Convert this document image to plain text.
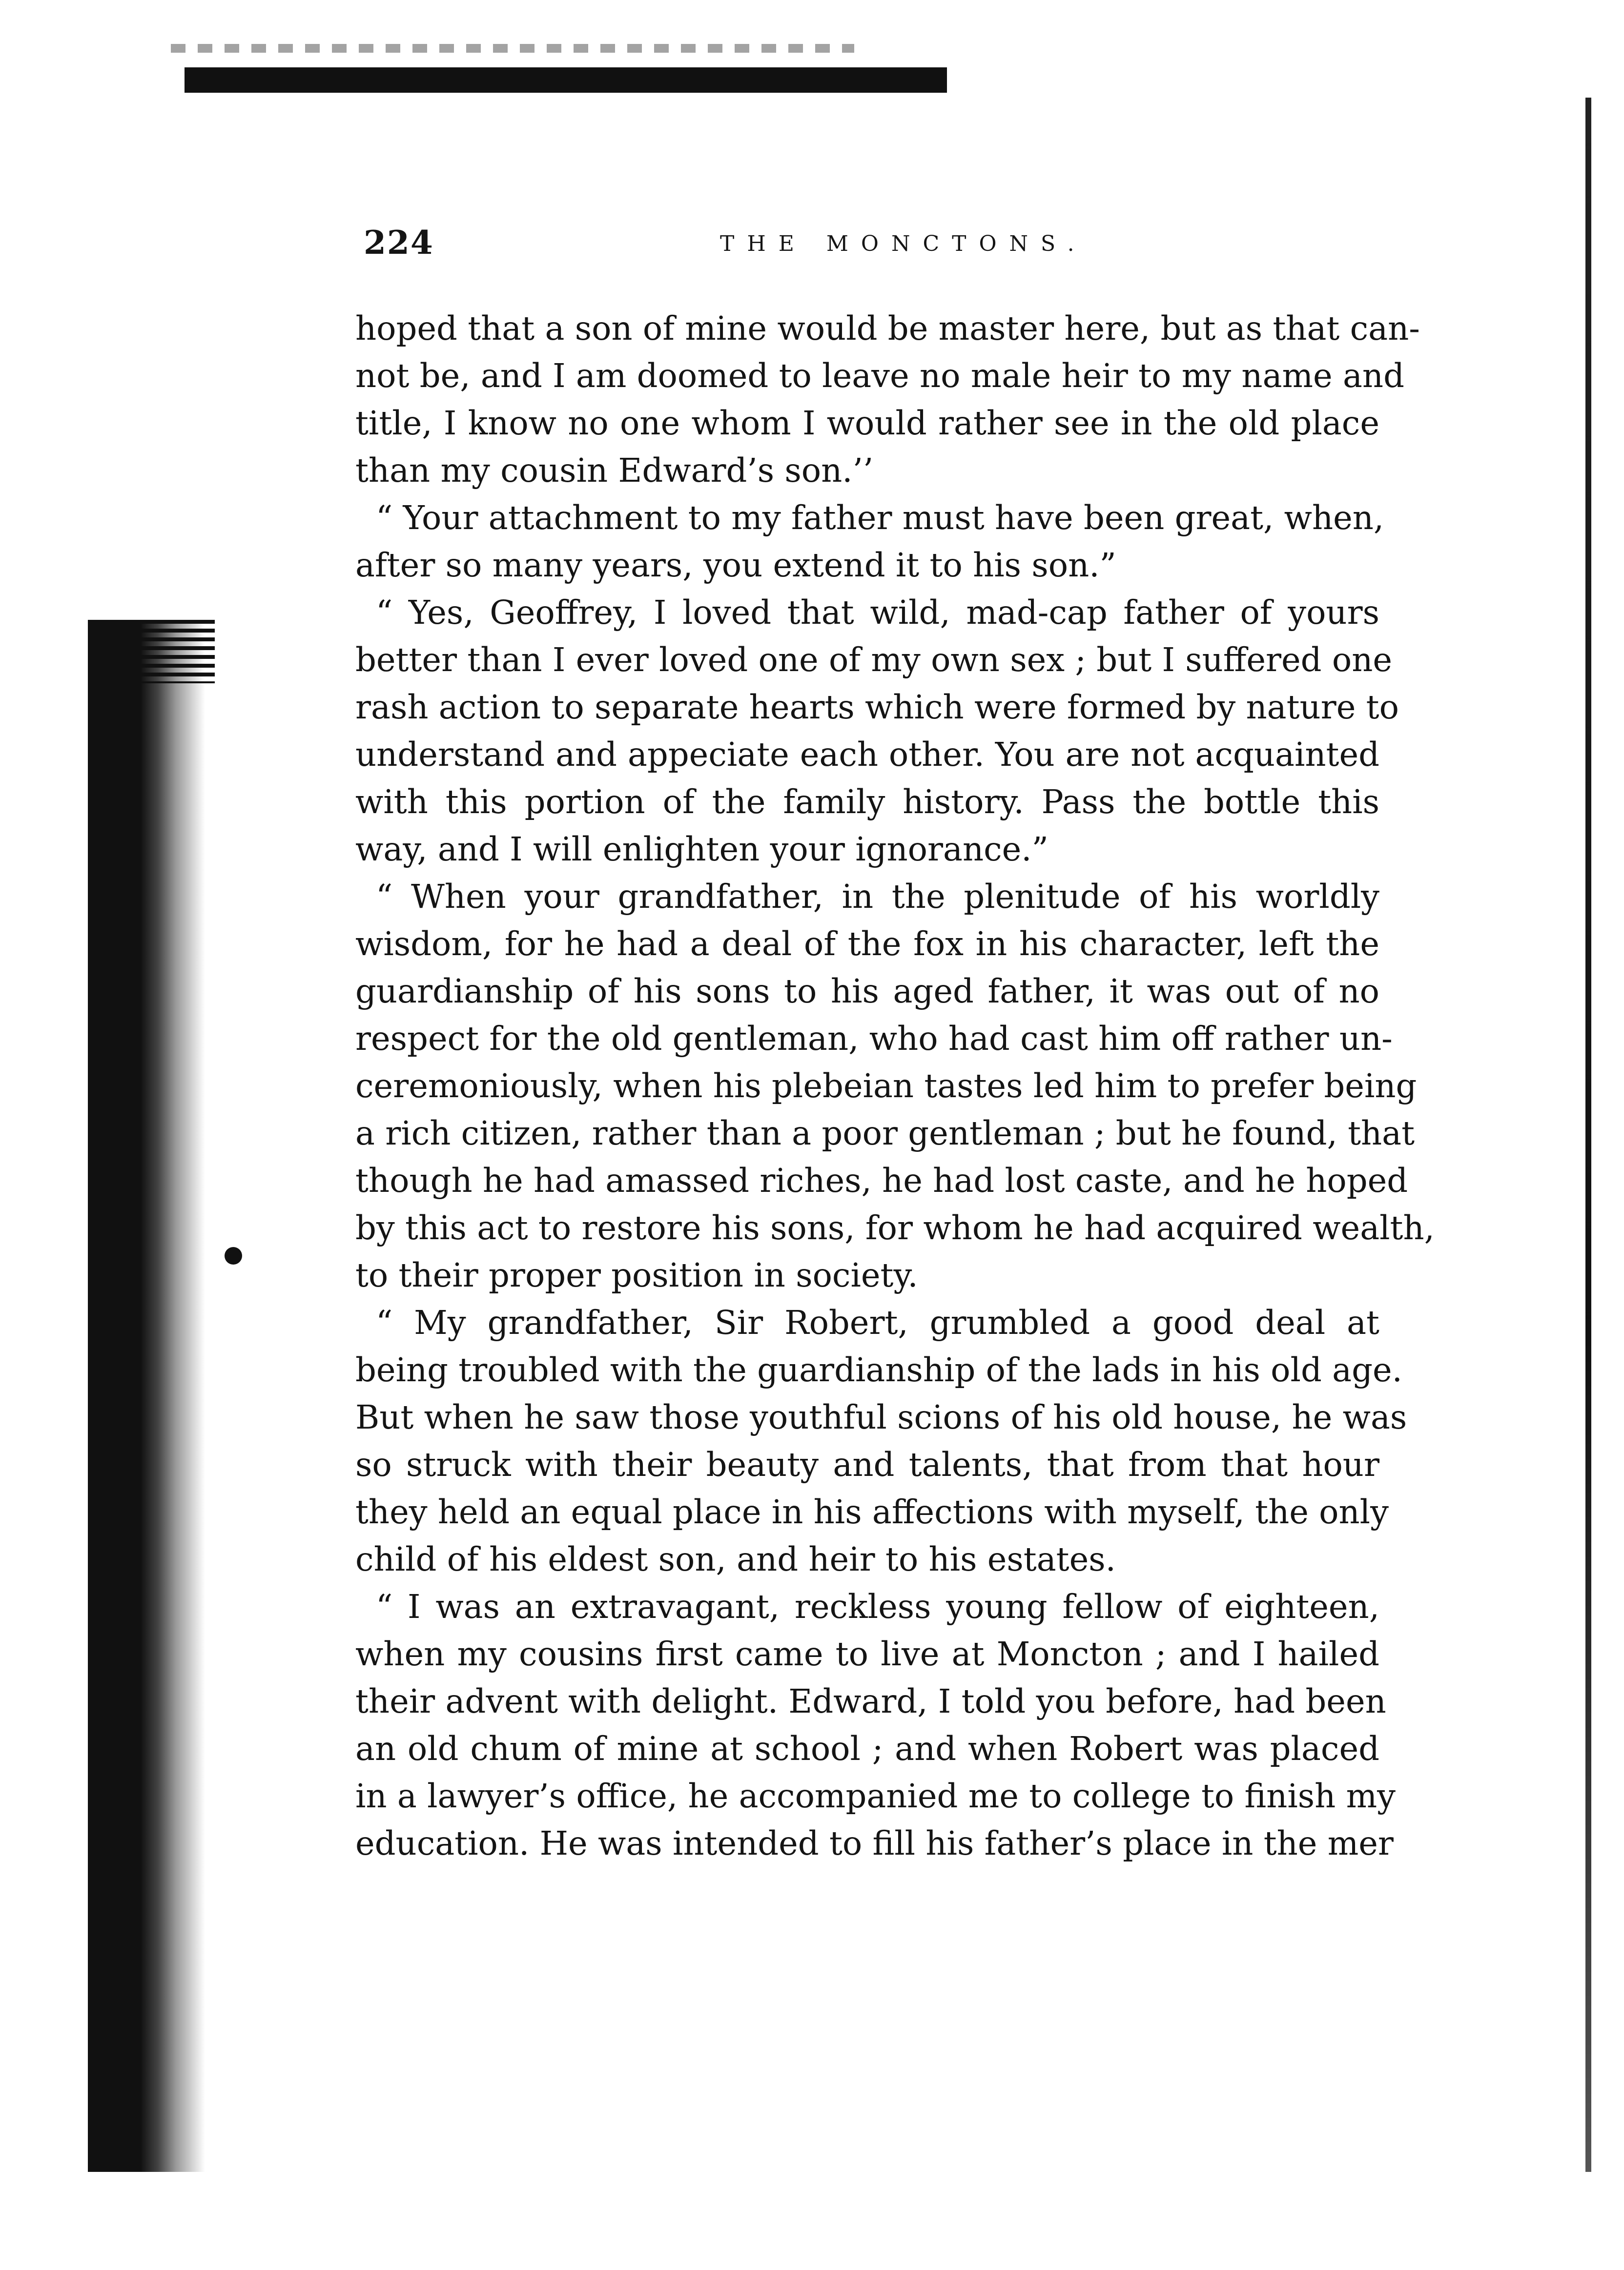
224	THE MONCTONS.
hoped that a son of mine would be master here, but as that can-
not be, and I am doomed to leave no male heir to my name and
title, I know no one whom I would rather see in the old place
than my cousin Edward’s son.’’
“ Your attachment to my father must have been great, when,
after so many years, you extend it to his son.”
“ Yes, Geoffrey, I loved that wild, mad-cap father of yours
better than I ever loved one of my own sex ; but I suffered one
rash action to separate hearts which were formed by nature to
understand and appeciate each other. You are not acquainted
with this portion of the family history. Pass the bottle this
way, and I will enlighten your ignorance.”
“ When your grandfather, in the plenitude of his worldly
wisdom, for he had a deal of the fox in his character, left the
guardianship of his sons to his aged father, it was out of no
respect for the old gentleman, who had cast him off rather un-
ceremoniously, when his plebeian tastes led him to prefer being
a rich citizen, rather than a poor gentleman ; but he found, that
though he had amassed riches, he had lost caste, and he hoped
by this act to restore his sons, for whom he had acquired wealth,
to their proper position in society.
“ My grandfather, Sir Robert, grumbled a good deal at
being troubled with the guardianship of the lads in his old age.
But when he saw those youthful scions of his old house, he was
so struck with their beauty and talents, that from that hour
they held an equal place in his affections with myself, the only
child of his eldest son, and heir to his estates.
“ I was an extravagant, reckless young fellow of eighteen,
when my cousins first came to live at Moncton ; and I hailed
their advent with delight. Edward, I told you before, had been
an old chum of mine at school ; and when Robert was placed
in a lawyer’s office, he accompanied me to college to finish my
education. He was intended to fill his father’s place in the mer
